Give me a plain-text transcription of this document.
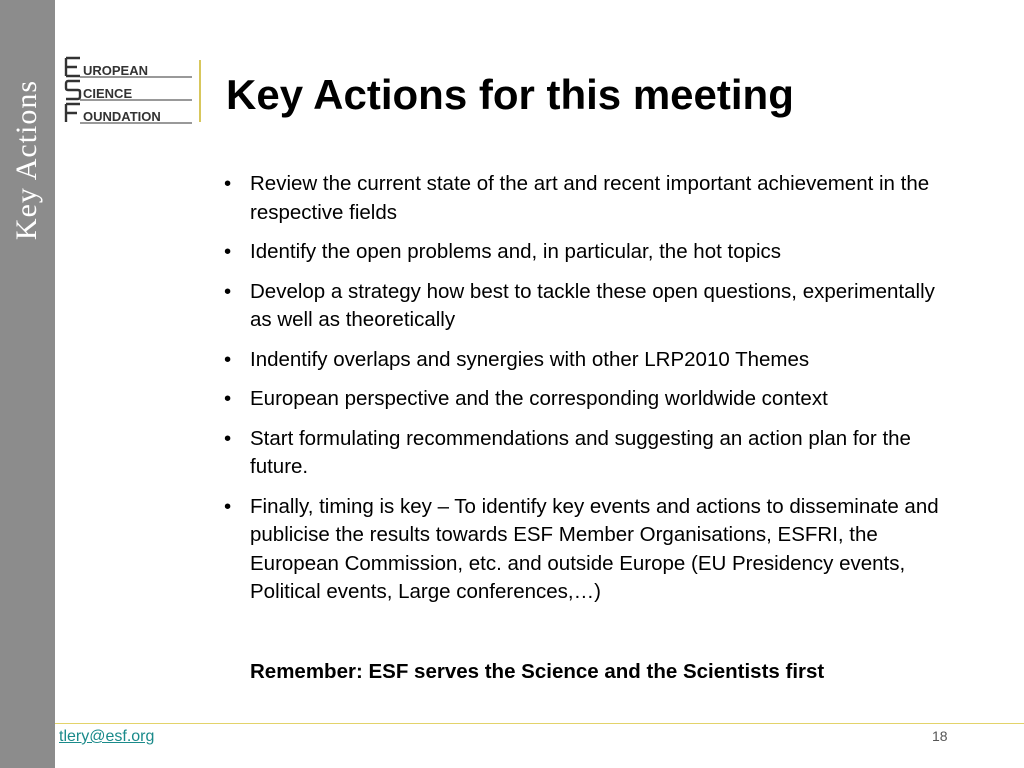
Key Actions
UROPEAN
CIENCE
OUNDATION Key Actions for this meeting
• Review the current state of the art and recent important achievement in the respective fields
• Identify the open problems and, in particular, the hot topics
• Develop a strategy how best to tackle these open questions, experimentally as well as theoretically
• Indentify overlaps and synergies with other LRP2010 Themes
• European perspective and the corresponding worldwide context
• Start formulating recommendations and suggesting an action plan for the future.
• Finally, timing is key – To identify key events and actions to disseminate and publicise the results towards ESF Member Organisations, ESFRI, the European Commission, etc. and outside Europe (EU Presidency events, Political events, Large conferences,…)

Remember: ESF serves the Science and the Scientists first

tlery@esf.org	18
